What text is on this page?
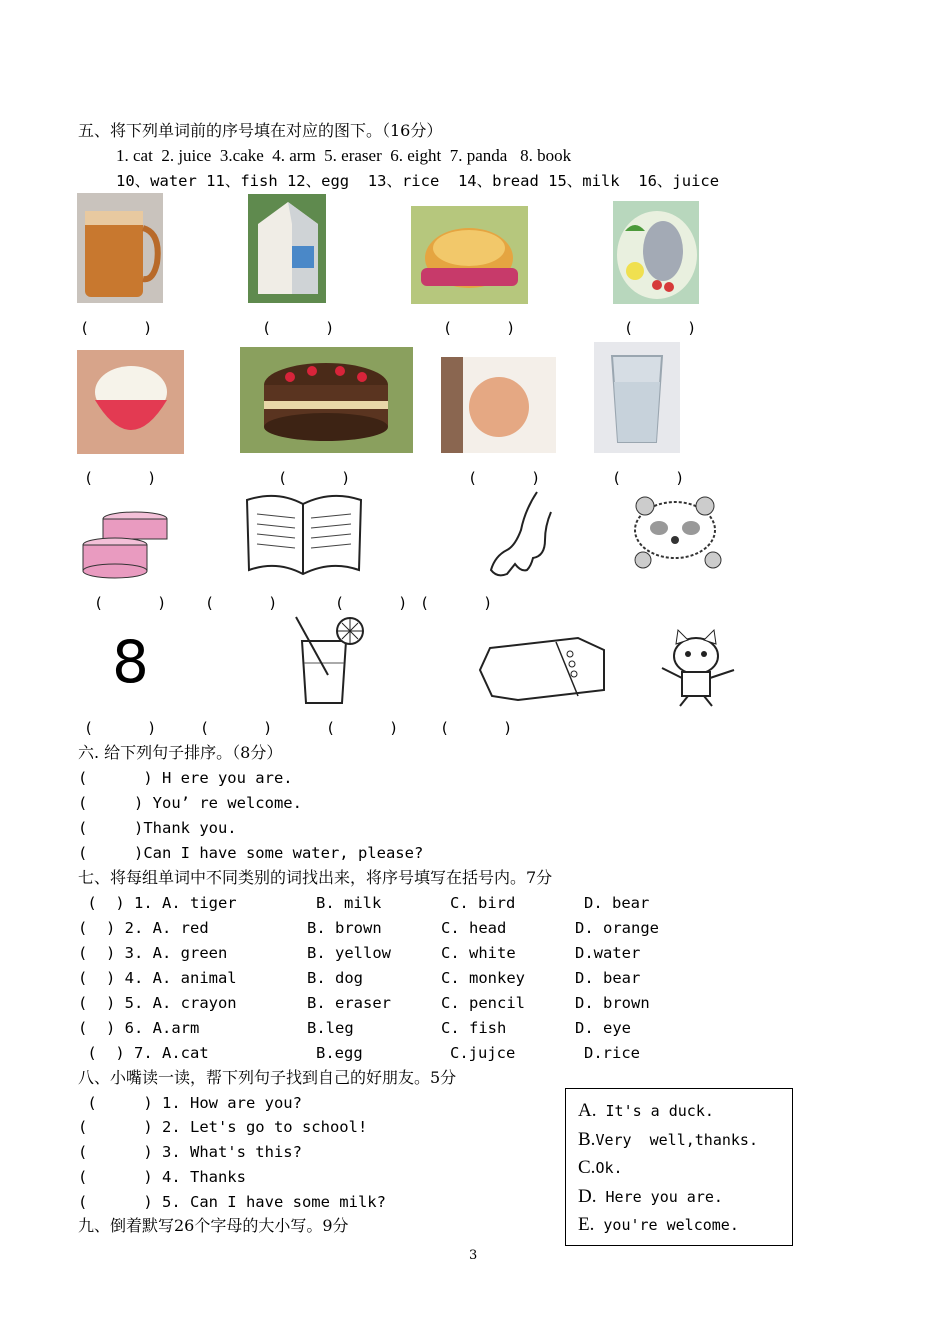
五、将下列单词前的序号填在对应的图下。（16分）
1. cat  2. juice  3.cake  4. arm  5. eraser  6. eight  7. panda   8. book
10、water 11、fish 12、egg  13、rice  14、bread 15、milk  16、juice
(      )	(      )	(      )	(      )
(      )	(      )	(      )	(      )
(      )	(      )	(      ) (      )
8
(      )	(      )	(      )	(      )
六. 给下列句子排序。（8分）
(      ) H ere you are.
(     ) You’ re welcome.
(     )Thank you.
(     )Can I have some water, please?
七、将每组单词中不同类别的词找出来，将序号填写在括号内。7分
(  ) 1. A. tiger	B. milk	C. bird	D. bear
(  ) 2. A. red	B. brown	C. head	D. orange
(  ) 3. A. green	B. yellow	C. white	D.water
(  ) 4. A. animal	B. dog	C. monkey	D. bear
(  ) 5. A. crayon	B. eraser	C. pencil	D. brown
(  ) 6. A.arm	B.leg	C. fish	D. eye
(  ) 7. A.cat	B.egg	C.jujce	D.rice
八、小嘴读一读，帮下列句子找到自己的好朋友。5分
(     ) 1. How are you?
(      ) 2. Let's go to school!
(      ) 3. What's this?
(      ) 4. Thanks
(      ) 5. Can I have some milk?
A. It's a duck.
B.Very  well,thanks.
C.Ok.
D. Here you are.
E. you're welcome.
九、倒着默写26个字母的大小写。9分
3
